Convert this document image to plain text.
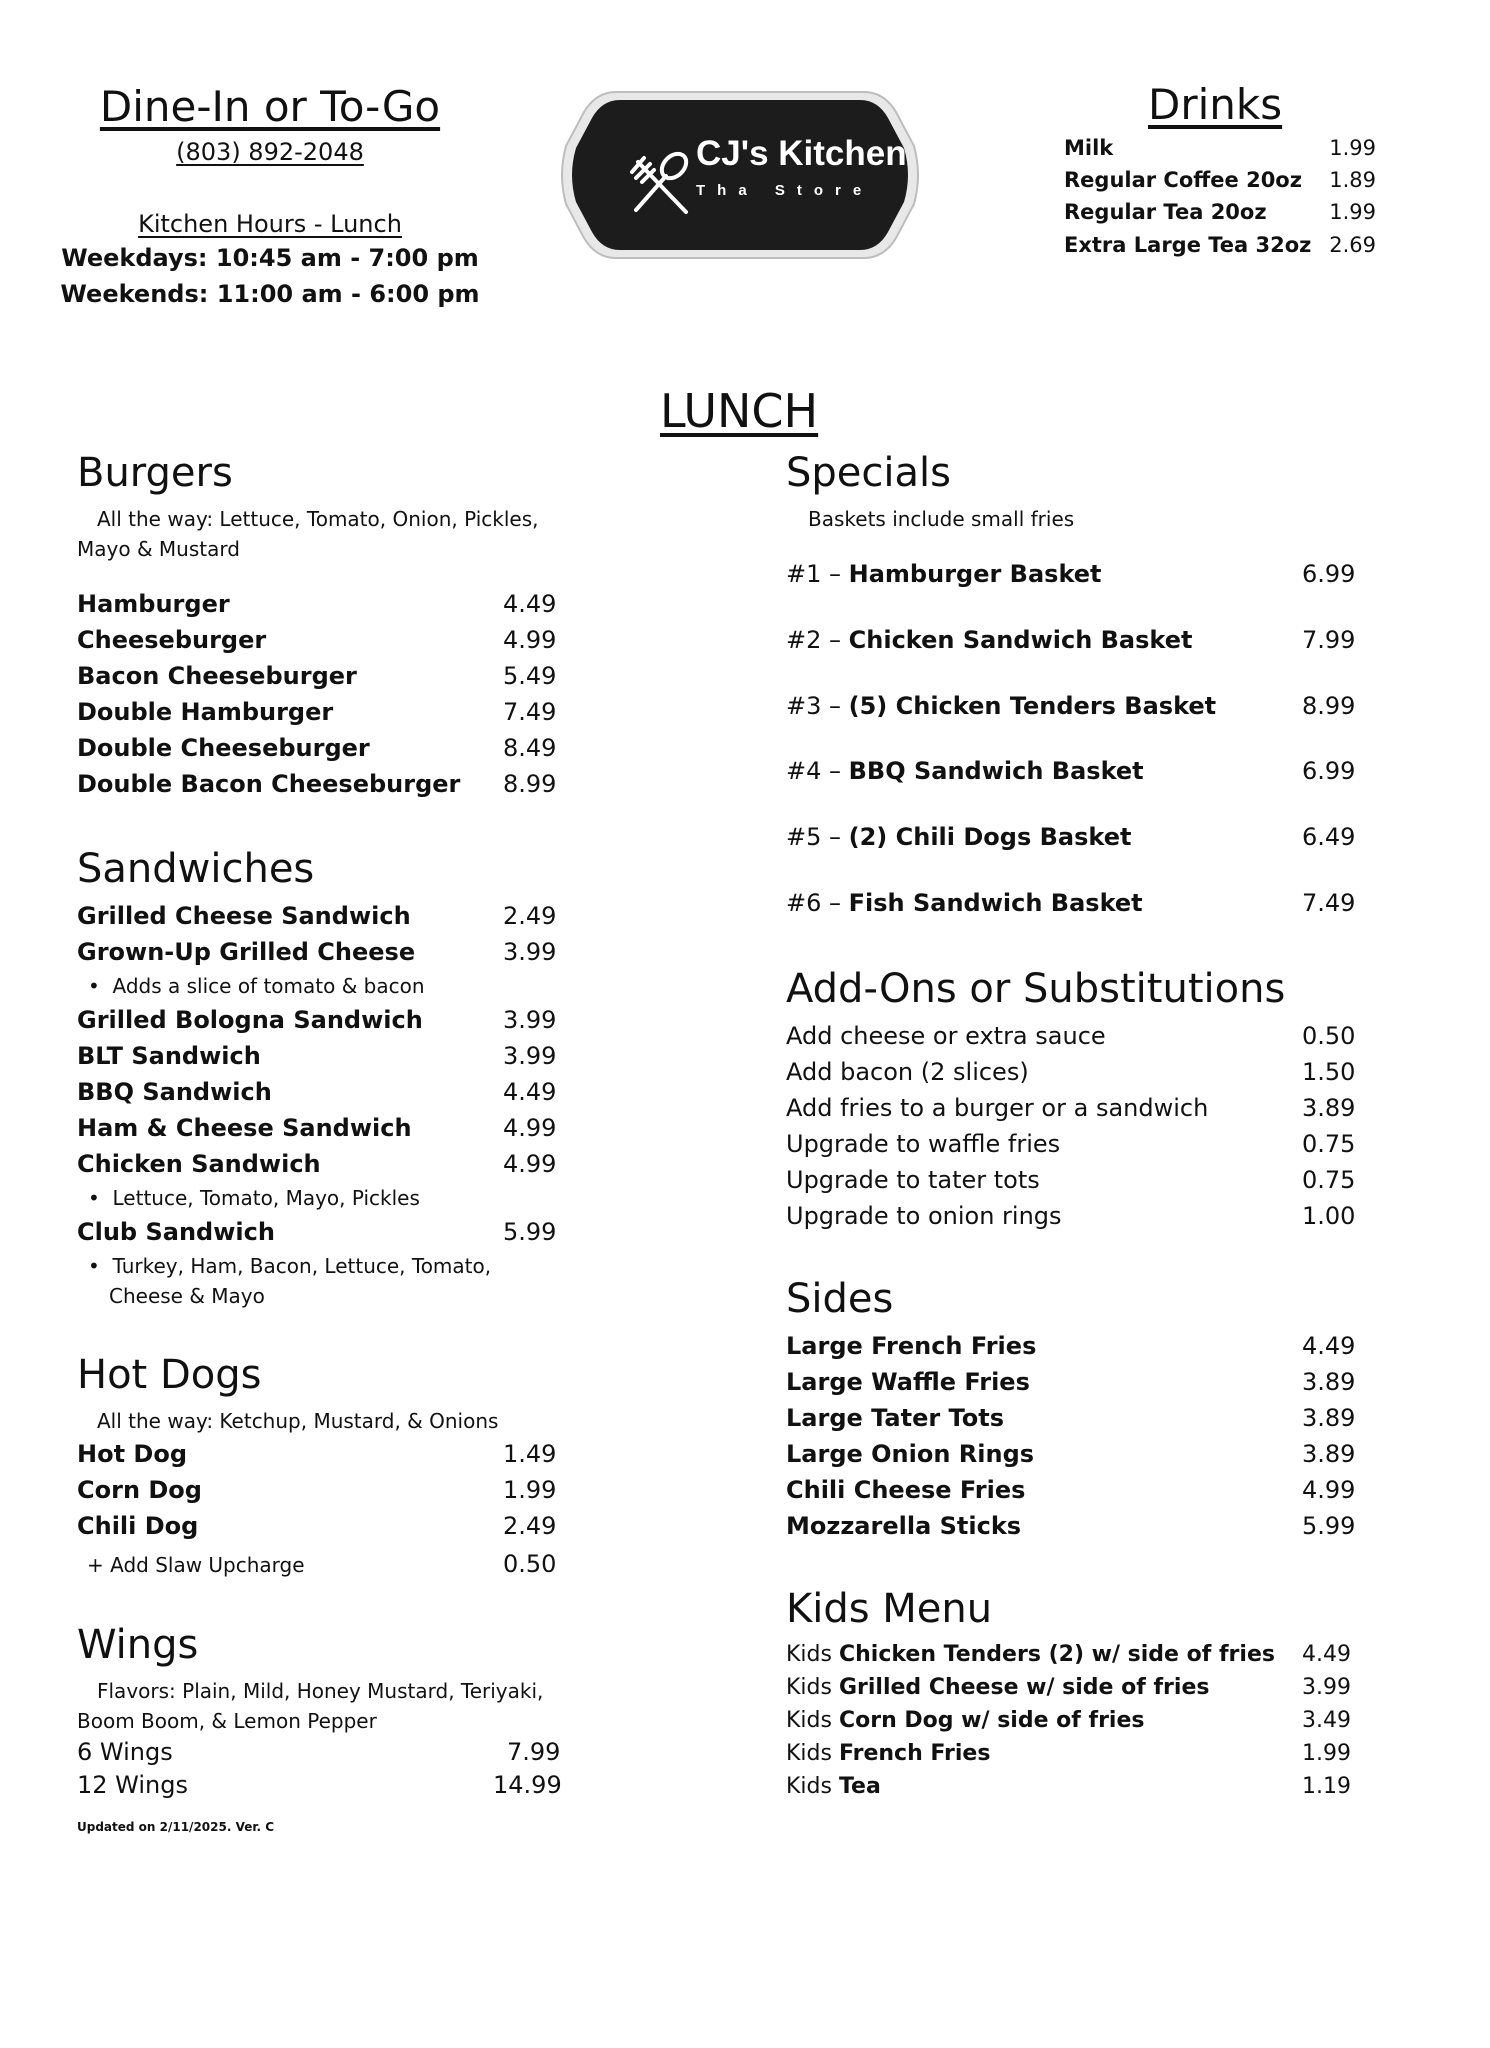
Dine-In or To-Go
(803) 892-2048
Kitchen Hours - Lunch
Weekdays: 10:45 am - 7:00 pm
Weekends: 11:00 am - 6:00 pm
CJ's Kitchen
Tha Store
Drinks
Milk	1.99
Regular Coffee 20oz 1.89
Regular Tea 20oz	1.99
Extra Large Tea 32oz 2.69
LUNCH
Burgers
All the way: Lettuce, Tomato, Onion, Pickles, Mayo & Mustard
Hamburger	4.49
Cheeseburger	4.99
Bacon Cheeseburger	5.49
Double Hamburger	7.49
Double Cheeseburger	8.49
Double Bacon Cheeseburger 8.99
Sandwiches
Grilled Cheese Sandwich	2.49
Grown-Up Grilled Cheese	3.99
•  Adds a slice of tomato & bacon
Grilled Bologna Sandwich	3.99
BLT Sandwich	3.99
BBQ Sandwich	4.49
Ham & Cheese Sandwich	4.99
Chicken Sandwich	4.99
•  Lettuce, Tomato, Mayo, Pickles
Club Sandwich	5.99
•  Turkey, Ham, Bacon, Lettuce, Tomato,
Cheese & Mayo
Hot Dogs
All the way: Ketchup, Mustard, & Onions
Hot Dog	1.49
Corn Dog	1.99
Chili Dog	2.49
+ Add Slaw Upcharge	0.50
Wings
Flavors: Plain, Mild, Honey Mustard, Teriyaki, Boom Boom, & Lemon Pepper
6 Wings	7.99
12 Wings	14.99
Updated on 2/11/2025. Ver. C
Specials
Baskets include small fries
#1 – Hamburger Basket	6.99
#2 – Chicken Sandwich Basket	7.99
#3 – (5) Chicken Tenders Basket	8.99
#4 – BBQ Sandwich Basket	6.99
#5 – (2) Chili Dogs Basket	6.49
#6 – Fish Sandwich Basket	7.49
Add-Ons or Substitutions
Add cheese or extra sauce	0.50
Add bacon (2 slices)	1.50
Add fries to a burger or a sandwich	3.89
Upgrade to waffle fries	0.75
Upgrade to tater tots	0.75
Upgrade to onion rings	1.00
Sides
Large French Fries	4.49
Large Waffle Fries	3.89
Large Tater Tots	3.89
Large Onion Rings	3.89
Chili Cheese Fries	4.99
Mozzarella Sticks	5.99
Kids Menu
Kids Chicken Tenders (2) w/ side of fries 4.49
Kids Grilled Cheese w/ side of fries	3.99
Kids Corn Dog w/ side of fries	3.49
Kids French Fries	1.99
Kids Tea	1.19
